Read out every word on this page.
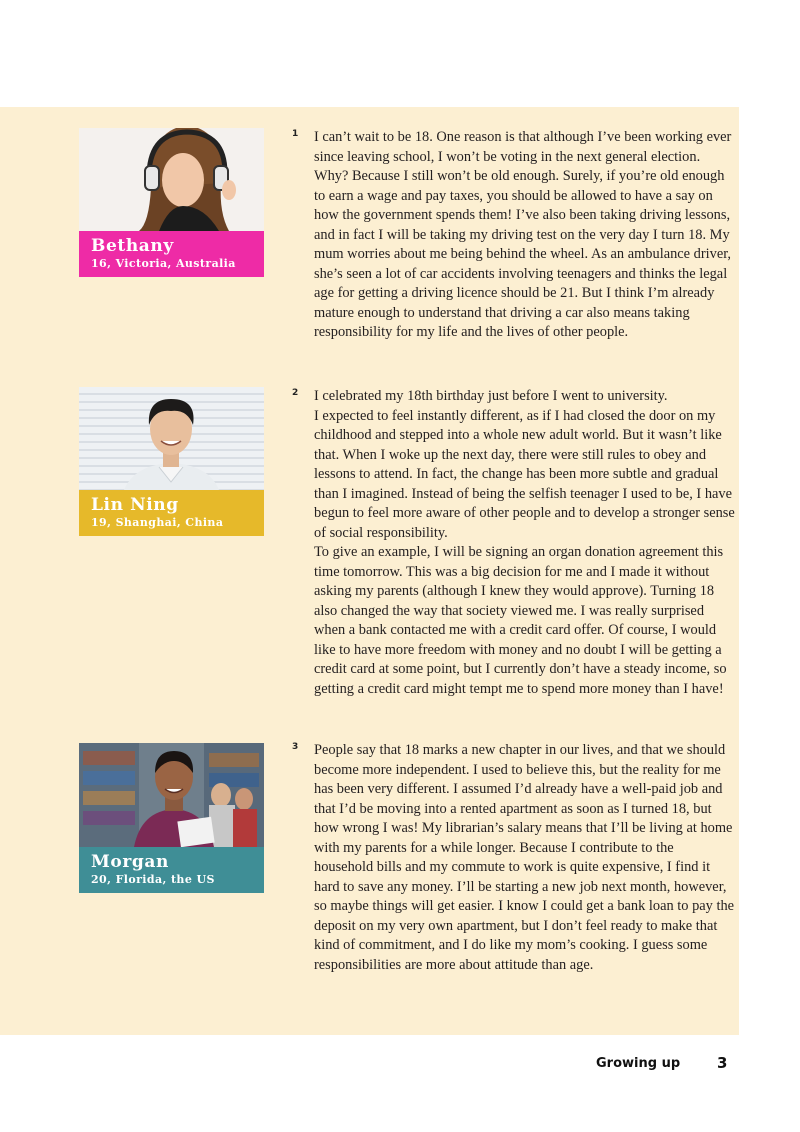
Bethany
16, Victoria, Australia
Lin Ning
19, Shanghai, China
Morgan
20, Florida, the US
1 I can’t wait to be 18. One reason is that although I’ve been working ever since leaving school, I won’t be voting in the next general election. Why? Because I still won’t be old enough. Surely, if you’re old enough to earn a wage and pay taxes, you should be allowed to have a say on how the government spends them! I’ve also been taking driving lessons, and in fact I will be taking my driving test on the very day I turn 18. My mum worries about me being behind the wheel. As an ambulance driver, she’s seen a lot of car accidents involving teenagers and thinks the legal age for getting a driving licence should be 21. But I think I’m already mature enough to understand that driving a car also means taking responsibility for my life and the lives of other people.

2 I celebrated my 18th birthday just before I went to university.

I expected to feel instantly different, as if I had closed the door on my childhood and stepped into a whole new adult world. But it wasn’t like that. When I woke up the next day, there were still rules to obey and lessons to attend. In fact, the change has been more subtle and gradual than I imagined. Instead of being the selfish teenager I used to be, I have begun to feel more aware of other people and to develop a stronger sense of social responsibility.

To give an example, I will be signing an organ donation agreement this time tomorrow. This was a big decision for me and I made it without asking my parents (although I knew they would approve). Turning 18 also changed the way that society viewed me. I was really surprised when a bank contacted me with a credit card offer. Of course, I would like to have more freedom with money and no doubt I will be getting a credit card at some point, but I currently don’t have a steady income, so getting a credit card might tempt me to spend more money than I have!

3 People say that 18 marks a new chapter in our lives, and that we should become more independent. I used to believe this, but the reality for me has been very different. I assumed I’d already have a well-paid job and that I’d be moving into a rented apartment as soon as I turned 18, but how wrong I was! My librarian’s salary means that I’ll be living at home with my parents for a while longer. Because I contribute to the household bills and my commute to work is quite expensive, I find it hard to save any money. I’ll be starting a new job next month, however, so maybe things will get easier. I know I could get a bank loan to pay the deposit on my very own apartment, but I don’t feel ready to make that kind of commitment, and I do like my mom’s cooking. I guess some responsibilities are more about attitude than age.

Growing up 3
